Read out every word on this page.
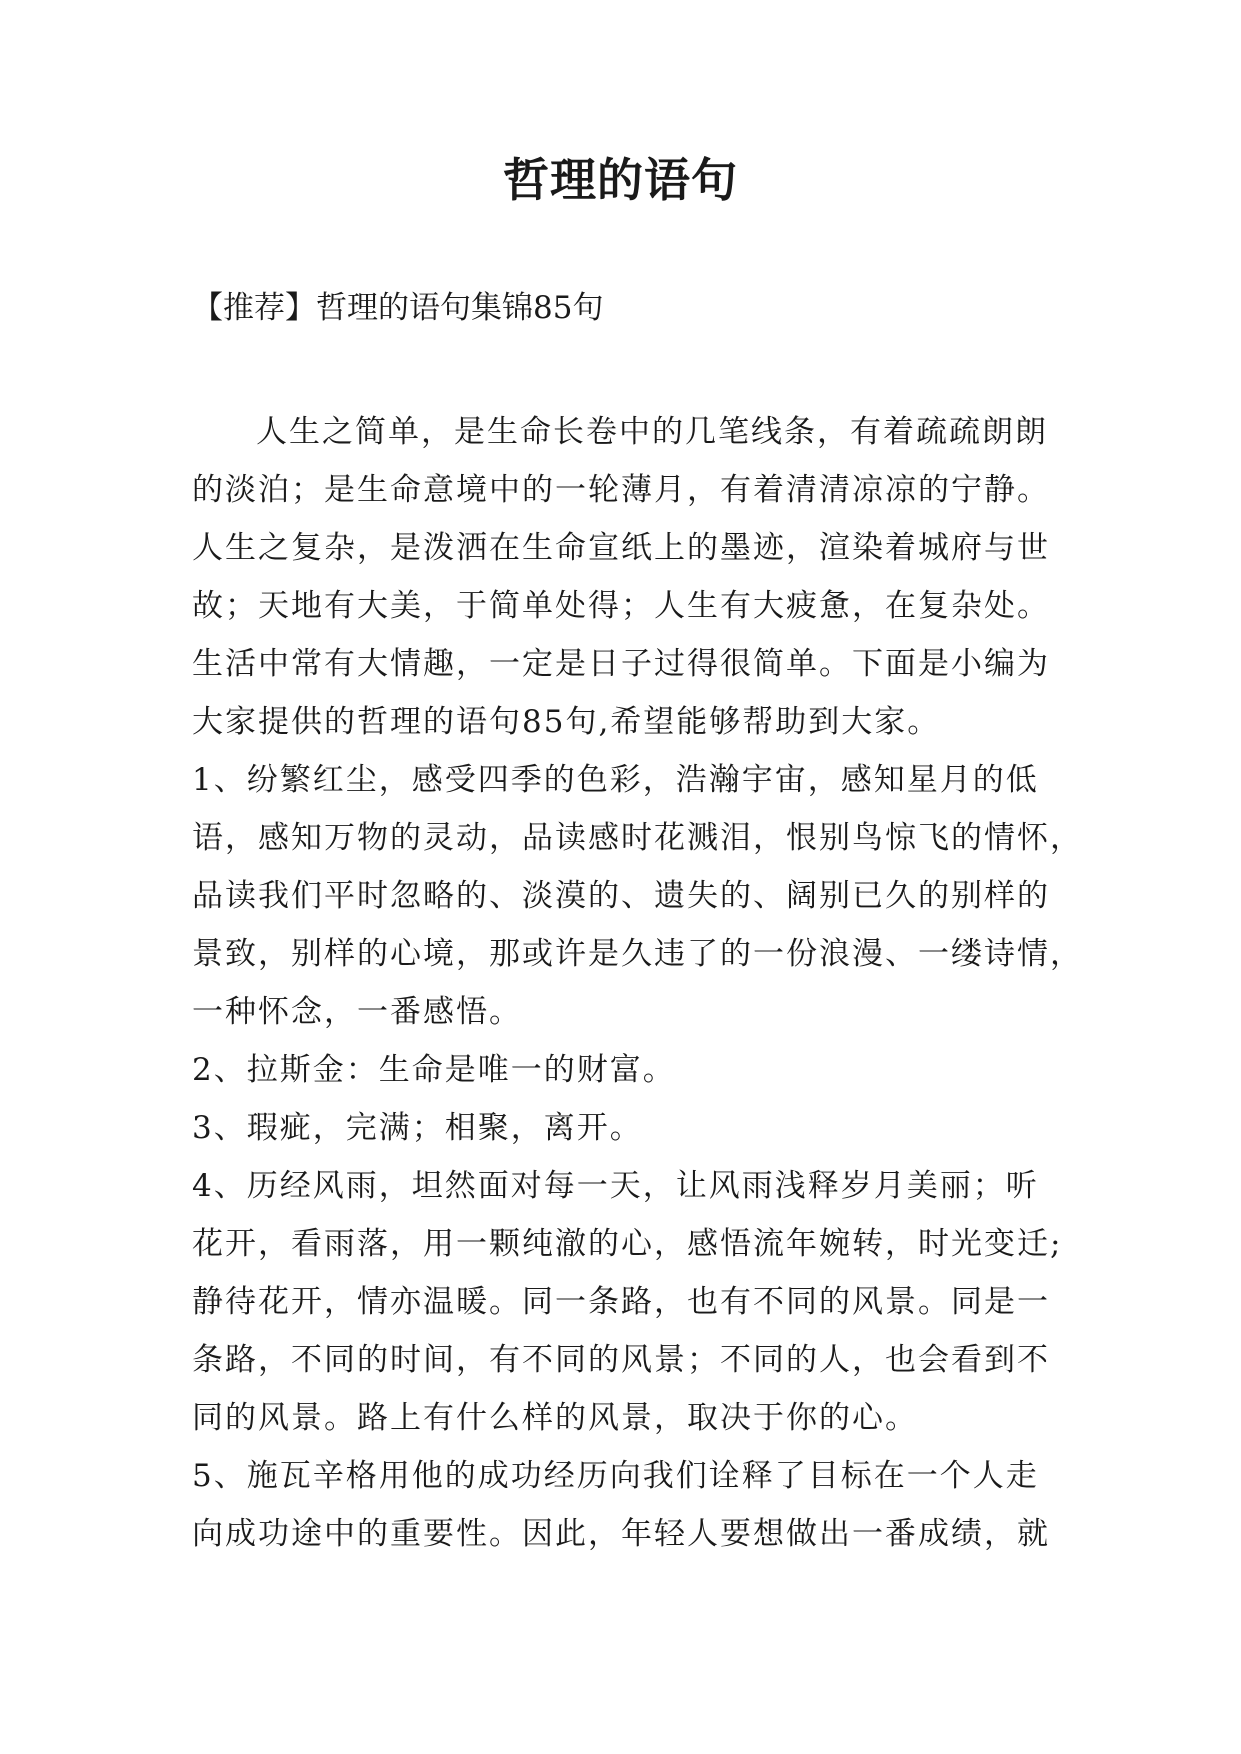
哲理的语句

【推荐】哲理的语句集锦85句

人生之简单，是生命长卷中的几笔线条，有着疏疏朗朗
的淡泊；是生命意境中的一轮薄月，有着清清凉凉的宁静。
人生之复杂，是泼洒在生命宣纸上的墨迹，渲染着城府与世
故；天地有大美，于简单处得；人生有大疲惫，在复杂处。
生活中常有大情趣，一定是日子过得很简单。下面是小编为
大家提供的哲理的语句85句,希望能够帮助到大家。

1、纷繁红尘，感受四季的色彩，浩瀚宇宙，感知星月的低
语，感知万物的灵动，品读感时花溅泪，恨别鸟惊飞的情怀，
品读我们平时忽略的、淡漠的、遗失的、阔别已久的别样的
景致，别样的心境，那或许是久违了的一份浪漫、一缕诗情，
一种怀念，一番感悟。

2、拉斯金：生命是唯一的财富。

3、瑕疵，完满；相聚，离开。

4、历经风雨，坦然面对每一天，让风雨浅释岁月美丽；听
花开，看雨落，用一颗纯澈的心，感悟流年婉转，时光变迁;
静待花开，情亦温暖。同一条路，也有不同的风景。同是一
条路，不同的时间，有不同的风景；不同的人，也会看到不
同的风景。路上有什么样的风景，取决于你的心。

5、施瓦辛格用他的成功经历向我们诠释了目标在一个人走
向成功途中的重要性。因此，年轻人要想做出一番成绩，就
